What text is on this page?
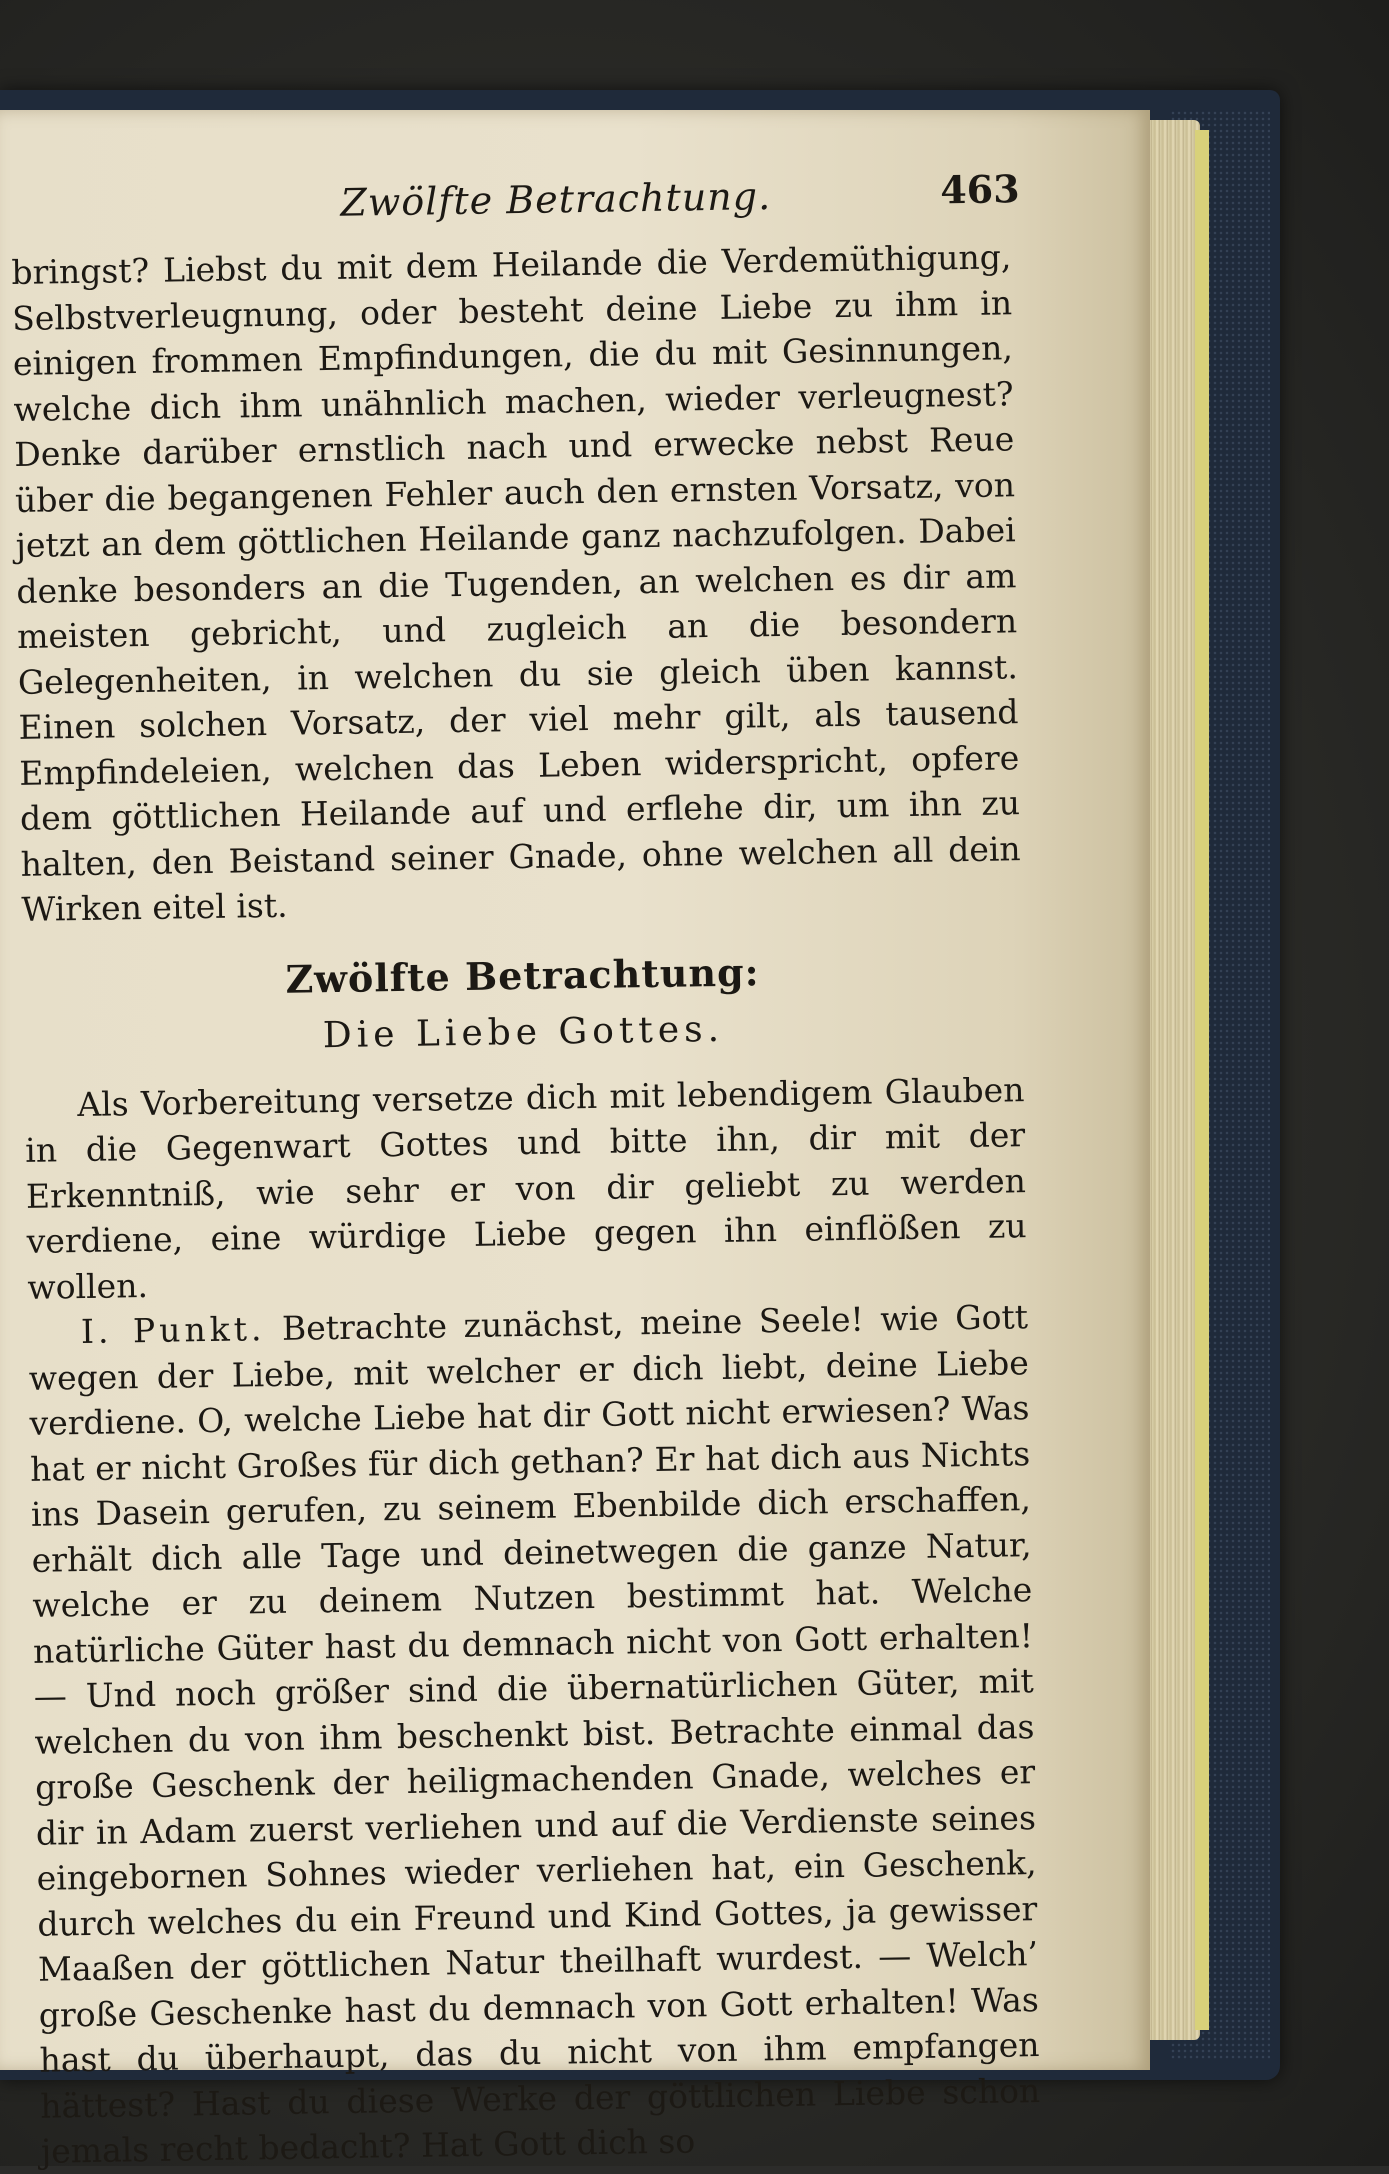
Zwölfte Betrachtung.	463

bringst? Liebst du mit dem Heilande die Verdemüthigung, Selbstverleugnung, oder besteht deine Liebe zu ihm in einigen frommen Empfindungen, die du mit Gesinnungen, welche dich ihm unähnlich machen, wieder verleugnest? Denke darüber ernstlich nach und erwecke nebst Reue über die begangenen Fehler auch den ernsten Vorsatz, von jetzt an dem göttlichen Heilande ganz nachzufolgen. Dabei denke besonders an die Tugenden, an welchen es dir am meisten gebricht, und zugleich an die besondern Gelegenheiten, in welchen du sie gleich üben kannst. Einen solchen Vorsatz, der viel mehr gilt, als tausend Empfindeleien, welchen das Leben widerspricht, opfere dem göttlichen Heilande auf und erflehe dir, um ihn zu halten, den Beistand seiner Gnade, ohne welchen all dein Wirken eitel ist.

Zwölfte Betrachtung:
Die Liebe Gottes.

Als Vorbereitung versetze dich mit lebendigem Glauben in die Gegenwart Gottes und bitte ihn, dir mit der Erkenntniß, wie sehr er von dir geliebt zu werden verdiene, eine würdige Liebe gegen ihn einflößen zu wollen.

I. Punkt. Betrachte zunächst, meine Seele! wie Gott wegen der Liebe, mit welcher er dich liebt, deine Liebe verdiene. O, welche Liebe hat dir Gott nicht erwiesen? Was hat er nicht Großes für dich gethan? Er hat dich aus Nichts ins Dasein gerufen, zu seinem Ebenbilde dich erschaffen, erhält dich alle Tage und deinetwegen die ganze Natur, welche er zu deinem Nutzen bestimmt hat. Welche natürliche Güter hast du demnach nicht von Gott erhalten! — Und noch größer sind die übernatürlichen Güter, mit welchen du von ihm beschenkt bist. Betrachte einmal das große Geschenk der heiligmachenden Gnade, welches er dir in Adam zuerst verliehen und auf die Verdienste seines eingebornen Sohnes wieder verliehen hat, ein Geschenk, durch welches du ein Freund und Kind Gottes, ja gewisser Maaßen der göttlichen Natur theilhaft wurdest. — Welch’ große Geschenke hast du demnach von Gott erhalten! Was hast du überhaupt, das du nicht von ihm empfangen hättest? Hast du diese Werke der göttlichen Liebe schon jemals recht bedacht? Hat Gott dich so
